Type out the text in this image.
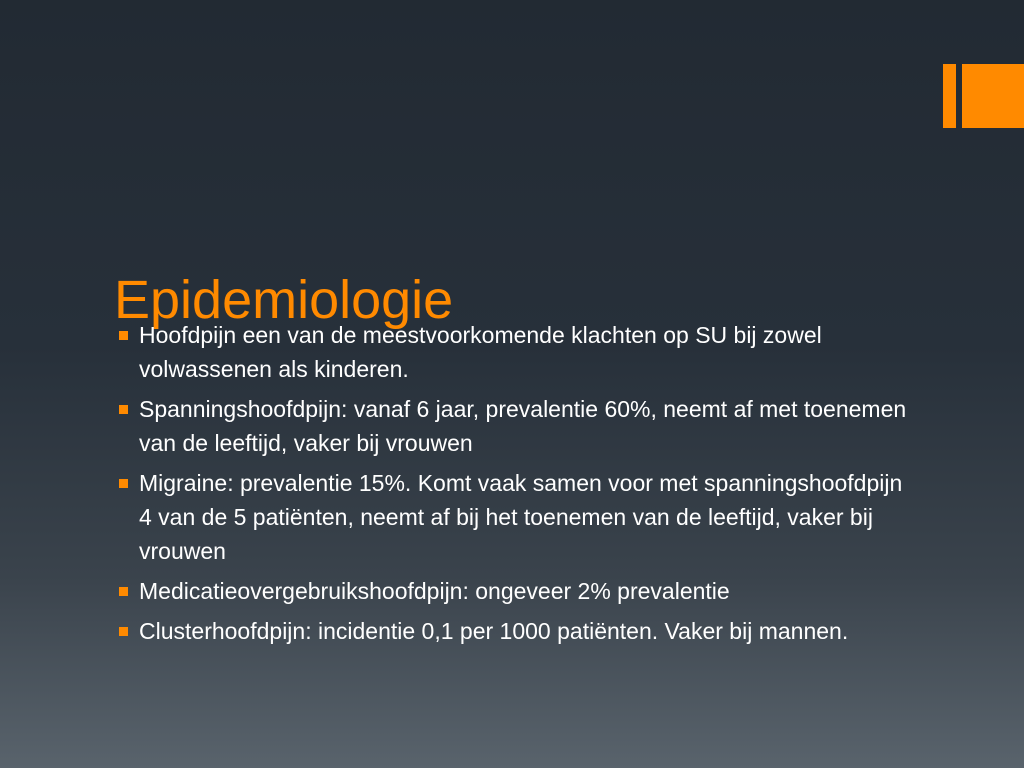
Epidemiologie
Hoofdpijn een van de meestvoorkomende klachten op SU bij zowel volwassenen als kinderen.
Spanningshoofdpijn: vanaf 6 jaar, prevalentie 60%, neemt af met toenemen van de leeftijd, vaker bij vrouwen
Migraine: prevalentie 15%. Komt vaak samen voor met spanningshoofdpijn 4 van de 5 patiënten, neemt af bij het toenemen van de leeftijd, vaker bij vrouwen
Medicatieovergebruikshoofdpijn: ongeveer 2% prevalentie
Clusterhoofdpijn: incidentie 0,1 per 1000 patiënten. Vaker bij mannen.
